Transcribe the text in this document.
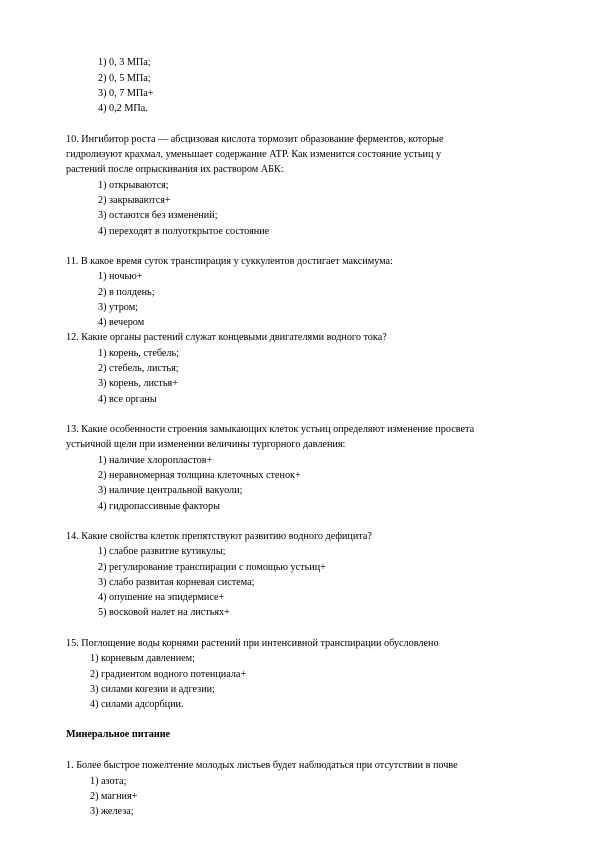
1) 0, 3 МПа;
2) 0, 5 МПа;
3) 0, 7 МПа+
4) 0,2 МПа.
10. Ингибитор роста — абсцизовая кислота тормозит образование ферментов, которые
гидролизуют крахмал, уменьшает содержание АТР. Как изменится состояние устьиц у
растений после опрыскивания их раствором АБК:
1) открываются;
2) закрываются+
3) остаются без изменений;
4) переходят в полуоткрытое состояние
11. В какое время суток транспирация у суккулентов достигает максимума:
1) ночью+
2) в полдень;
3) утром;
4) вечером
12. Какие органы растений служат концевыми двигателями водного тока?
1) корень, стебель;
2) стебель, листья;
3) корень, листья+
4) все органы
13. Какие особенности строения замыкающих клеток устьиц определяют изменение просвета
устьичной щели при изменении величины тургорного давления:
1) наличие хлоропластов+
2) неравномерная толщина клеточных стенок+
3) наличие центральной вакуоли;
4) гидропассивные факторы
14. Какие свойства клеток препятствуют развитию водного дефицита?
1) слабое развитие кутикулы;
2) регулирование транспирации с помощью устьиц+
3) слабо развитая корневая система;
4) опушение на эпидермисе+
5) восковой налет на листьях+
15. Поглощение воды корнями растений при интенсивной транспирации обусловлено
1) корневым давлением;
2) градиентом водного потенциала+
3) силами когезии и адгезии;
4) силами адсорбции.
Минеральное питание
1. Более быстрое пожелтение молодых листьев будет наблюдаться при отсутствии в почве
1) азота;
2) магния+
3) железа;
